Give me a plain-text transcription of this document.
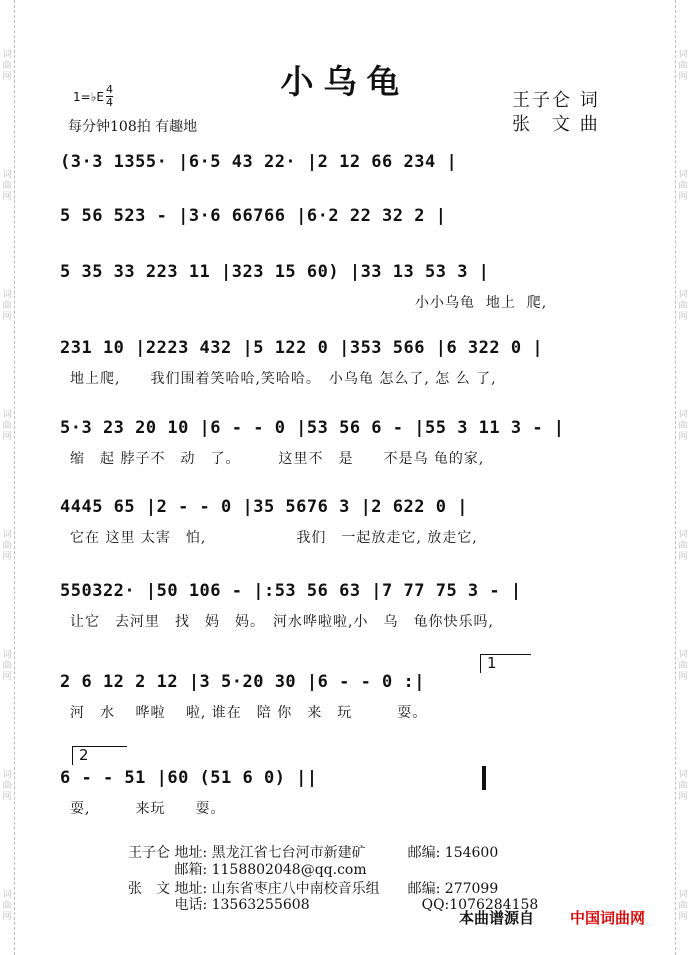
词
曲
网
词
曲
网
词
曲
网
词
曲
网
词
曲
网
词
曲
网
词
曲
网
词
曲
网
词
曲
网
词
曲
网
词
曲
网
词
曲
网
词
曲
网
词
曲
网
词
曲
网
词
曲
网
小乌龟
1=♭E
4
4
每分钟108拍 有趣地
王子仑 词
张　文 曲
(3·3 1355· |6·5 43 22· |2 12 66 234 |
5 56 523 - |3·6 66766 |6·2 22 32 2 |
5 35 33 223 11 |323 15 60) |33 13 53 3 |
　　　　　　　　　　　　　　　　　　　　　　　小小乌龟  地上  爬,
231 10 |2223 432 |5 122 0 |353 566 |6 322 0 |
地上爬,　　我们围着笑哈哈,笑哈哈。　小乌龟 怎么了, 怎 么 了,
5·3 23 20 10 |6 - - 0 |53 56 6 - |55 3 11 3 - |
缩　起 脖子不　动　了。　　　这里不　是　　不是乌 龟的家,
4445 65 |2 - - 0 |35 5676 3 |2 622 0 |
它在 这里 太害　怕,　　　　　　我们　一起放走它, 放走它,
550322· |50 106 - |:53 56 63 |7 77 75 3 - |
让它　去河里　找　妈　妈。　河水哗啦啦,小　乌　龟你快乐吗,
2 6 12 2 12 |3 5·20 30 |6 - - 0 :|
河　水　 哗啦　 啦, 谁在　陪 你　来　玩　　　耍。
6 - - 51 |60 (51 6 0) ||
耍,　　　来玩　　耍。
1
2
王子仑 地址: 黑龙江省七台河市新建矿　　　邮编: 154600
　　　 邮箱: 1158802048@qq.com
张　文 地址: 山东省枣庄八中南校音乐组　　邮编: 277099
　　　 电话: 13563255608　　　　　　　　QQ:1076284158
本曲谱源自 中国词曲网
